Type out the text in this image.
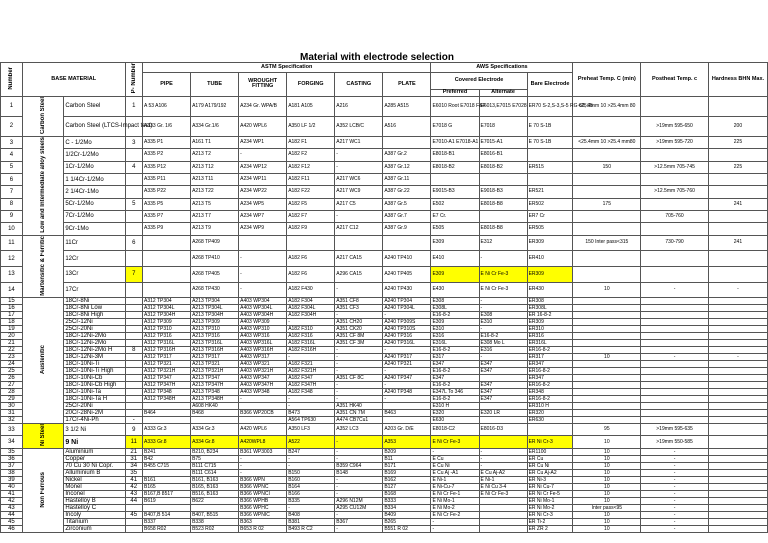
Material with electrode selection
Number	BASE MATERIAL		P- Number	ASTM Specification						AWS Specifications			Preheat Temp. C (min)	Postheat Temp. c	Hardness BHN Max.
				PIPE	TUBE	WROUGHT FITTING	FORGING	CASTING	PLATE	Covered Electrode		Bare Electrode			
										Preferred	Alternate				
1	Carbon Steel	Carbon Steel	1	A 53 A106	A179 A179/192	A234 Gr. WPA/B	A181 A105	A216	A285 A515	E6010 Root E7018 F&F	E6013,E7015 E7028	ER70 S-2,S-3,S-5 RG 60, 65	<25.4mm 10 >25.4mm 80		
2		Carbon Steel (LTCS-Impact test)		A333 Gr. 1/6	A334 Gr.1/6	A420 WPL6	A350 LF 1/2	A352 LCB/C	A516	E7018 G	E7018	E 70 S-1B		>19mm 595-650	200
3	Low and Intermediate alloy steels	C - 1/2Mo	3	A335 P1	A161 T1	A234 WP1	A182 F1	A217 WC1		E7010-A1 E7018-A1	E7015-A1	E 70 S-1B	<25.4mm 10 >25.4 mm80	>19mm 595-720	225
4		1/2Cr-1/2Mo		A335 P2	A213 T2	-	A182 F2	-	A387 Gr.2	E8018-B1	E8016-B1				
5		1Cr-1/2Mo	4	A335 P12	A213 T12	A234 WP12	A182 F12	-	A387 Gr.12	E8018-B2	E8018-B2	ER515	150	>12.5mm 705-745	225
6		1 1/4Cr-1/2Mo		A335 P11	A213 T11	A234 WP11	A182 F11	A217 WC6	A387 Gr.11						
7		2 1/4Cr-1Mo		A335 P22	A213 T22	A234 WP22	A182 F22	A217 WC9	A387 Gr.22	E9015-B3	E9018-B3	ER521		>12.5mm 705-760	
8		5Cr-1/2Mo	5	A335 P5	A213 T5	A234 WP5	A182 F5	A217 C5	A387 Gr.5	E502	E8018-B8	ER502	175		241
9		7Cr-1/2Mo		A335 P7	A213 T7	A234 WP7	A182 F7	-	A387 Gr.7	E7 Cr.		ER7 Cr		705-760	
10		9Cr-1Mo		A335 P9	A213 T9	A234 WP9	A182 F9	A217 C12	A387 Gr.9	E505	E8018-B8	ER505			
11	Martensitic & Ferritic	11Cr	6		A268 TP409					E309	E312	ER309	150 Inter pass<315	730-790	241
12		12Cr			A268 TP410	-	A182 F6	A217 CA15	A240 TP410	E410	-	ER410			
13		13Cr	7		A268 TP405	-	A182 F6	A296 CA15	A240 TP405	E309	E Ni Cr Fe-3	ER309			
14		17Cr			A268 TP430	-	A182 F430	-	A240 TP430	E430	E Ni Cr Fe-3	ER430	10	-	-
15	Austenitic	18Cr-8Ni		A312 TP304	A213 TP304	A403 WP304	A182 F304	A351 CF8	A240 TP304	E308	-	ER308			
16		18Cr-8Ni Low		A312 TP304L	A213 TP304L	A403 WP304L	A182 F304L	A351 CF3	A240 TP304L	E308L	-	ER308L			
17		18Cr-8Ni High		A312 TP304H	A213 TP304H	A403 WP304H	A182 F304H	-	-	E16-8-2	E308	ER 16-8-2			
18		25Cr-12Ni		A312 TP309	A213 TP309	A403 WP309	-	A351 CH20	A240 TP309S	E309	E310	ER309			
19		25Cr-20Ni		A312 TP310	A213 TP310	A403 WP310	A182 F310	A351 CK20	A240 TP310S	E310	-	ER310			
20		18Cr-12Ni-2Mo		A312 TP316	A213 TP316	A403 WP316	A182 F316	A351 CF 8M	A240 TP316	E316	E16-8-2	ER316			
21		18Cr-12Ni-2Mo		A312 TP316L	A213 TP316L	A403 WP316L	A182 F316L	A351 CF 3M	A240 TP316L	E316L	E308 Mo L	ER316L			
22		18Cr-12Ni-2Mo H	8	A312 TP316H	A213 TP316H	A403 WP316H	A182 F316H	-	-	E16-8-2	E316	ER16-8-2			
23		18Cr-12Ni-3M		A312 TP317	A213 TP317	A403 WP317	-	-	A240 TP317	E317	-	ER317	10	-	-
24		18Cr-10Ni-Ti		A312 TP321	A213 TP321	A403 WP321	A182 F321	-	A240 TP321	E347	E347	ER347			
25		18Cr-10Ni-Ti High		A312 TP321H	A213 TP321H	A403 WP321H	A182 F321H	-	-	E16-8-2	E347	ER16-8-2			
26		18Cr-10Ni-Cb		A312 TP347	A213 TP347	A403 WP347	A182 F347	A351 CF 8C	A240 TP347	E347		ER347			
27		18Cr-10Ni-Cb High		A312 TP347H	A213 TP347H	A403 WP347H	A182 F347H	-	-	E16-8-2	E347	ER16-8-2			
28		18Cr-10Ni-Ta		A312 TP348	A213 TP348	A403 WP348	A182 F348	-	A240 TP348	E347L To 346	E347	ER348			
29		18Cr-10Ni-Ta H		A312 TP348H	A213 TP348H	-	-	-	-	E16-8-2	E347	ER16-8-2			
30		25Cr-20Ni			A608 HK40		-	A351 HK40		E310 H		ER310 H			
31		20Cr-28Ni-2M		B464	B468	B366 WP20CB	B473	A351 CN 7M	B463	E320	E320 LR	ER320			
32		17Cr-4Ni-Ph	-				A564 TP630	A474 CB7Cu1		E630		ER630			
33	Ni Steel	3 1/2 Ni	9	A333 Gr.3	A334 Gr.3	A420 WPL6	A350 LF3	A352 LC3	A203 Gr. D/E	E8018-C2	E8016-D3		95	>19mm 595-635	
34		9 Ni	11	A333 Gr.8	A334 Gr.8	A420WPL8	A522	-	A353	E Ni Cr Fe-3		ER Ni Cr-3	10	>19mm 550-585	
35	Non Ferrous	Aluminium	21	B241	B210, B234	B361 WP3003	B247	-	B209	-	-	ER1100	10	-	
36		Copper	31	B42	B75	-	-	-	B11	E Cu	-	ER Cu	10	-	
37		70 Cu 30 Ni Copr.	34	B455 C715	B111 C715	-	-	B359 C964	B171	E Cu Ni	-	ER Cu Ni	10	-	
38		Alluminium B	35		B111 C614	-	B150	B148	B169	E Cu Aj -A1	E Cu Aj-A2	ER Cu Aj-A2	10	-	
39		Nickel	41	B161	B161, B163	B366 WPN	B160	-	B162	E Ni-1	E Ni-1	ER Ni-3	10	-	
40		Monel	42	B165	B165, B163	B366 WPNC	B164	-	B127	E Ni-Cu-7	E Ni Cu 3-4	ER Ni Cu-7	10	-	
41		Inconel	43	B167,B 8517	B516, B163	B366 WPNCI	B166	-	B168	E Ni Cr Fe-1	E Ni Cr Fe-3	ER Ni Cr Fe-5	10	-	
42		Hastelloy B	44	B619	B622	B366 WPHB	B335	A296 N12M	B333	E Ni Mo-1		ER Ni Mo-1	10	-	
43		Hastelloy C				B366 WPHC	-	A295 CU12M	B334	E Ni Mo-2		ER Ni Mo-2	Inter pass<95	-	
44		Incoly	45	B407,B 514	B407, B515	B366 WPNIC	B408	-	B409	E Ni Cr Fe-2		ER Ni Cr-3	10	-	
45		Titanium		B337	B338	B363	B381	B367	B265	-		ER Ti-2	10	-	
46		Zirconium		B658 R02	B523 R02	B653 R 02	B493 R C2	-	B551 R 02	-		ER ZR 2	10	-	
